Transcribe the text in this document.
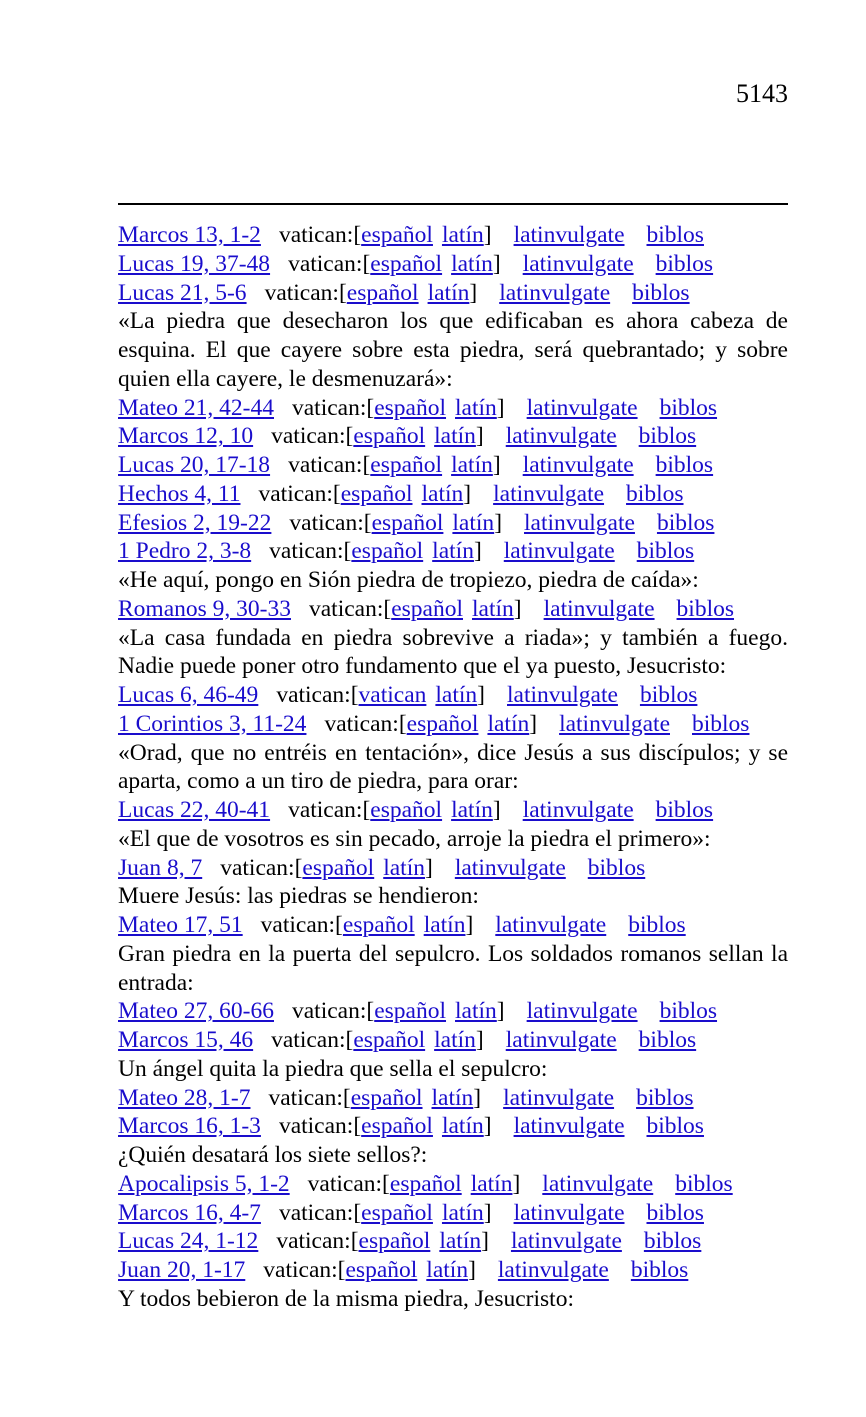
5143
Marcos 13, 1-2 vatican:[español latín] latinvulgate biblos
Lucas 19, 37-48 vatican:[español latín] latinvulgate biblos
Lucas 21, 5-6 vatican:[español latín] latinvulgate biblos
«La piedra que desecharon los que edificaban es ahora cabeza de esquina. El que cayere sobre esta piedra, será quebrantado; y sobre quien ella cayere, le desmenuzará»:
Mateo 21, 42-44 vatican:[español latín] latinvulgate biblos
Marcos 12, 10 vatican:[español latín] latinvulgate biblos
Lucas 20, 17-18 vatican:[español latín] latinvulgate biblos
Hechos 4, 11 vatican:[español latín] latinvulgate biblos
Efesios 2, 19-22 vatican:[español latín] latinvulgate biblos
1 Pedro 2, 3-8 vatican:[español latín] latinvulgate biblos
«He aquí, pongo en Sión piedra de tropiezo, piedra de caída»:
Romanos 9, 30-33 vatican:[español latín] latinvulgate biblos
«La casa fundada en piedra sobrevive a riada»; y también a fuego. Nadie puede poner otro fundamento que el ya puesto, Jesucristo:
Lucas 6, 46-49 vatican:[vatican latín] latinvulgate biblos
1 Corintios 3, 11-24 vatican:[español latín] latinvulgate biblos
«Orad, que no entréis en tentación», dice Jesús a sus discípulos; y se aparta, como a un tiro de piedra, para orar:
Lucas 22, 40-41 vatican:[español latín] latinvulgate biblos
«El que de vosotros es sin pecado, arroje la piedra el primero»:
Juan 8, 7 vatican:[español latín] latinvulgate biblos
Muere Jesús: las piedras se hendieron:
Mateo 17, 51 vatican:[español latín] latinvulgate biblos
Gran piedra en la puerta del sepulcro. Los soldados romanos sellan la entrada:
Mateo 27, 60-66 vatican:[español latín] latinvulgate biblos
Marcos 15, 46 vatican:[español latín] latinvulgate biblos
Un ángel quita la piedra que sella el sepulcro:
Mateo 28, 1-7 vatican:[español latín] latinvulgate biblos
Marcos 16, 1-3 vatican:[español latín] latinvulgate biblos
¿Quién desatará los siete sellos?:
Apocalipsis 5, 1-2 vatican:[español latín] latinvulgate biblos
Marcos 16, 4-7 vatican:[español latín] latinvulgate biblos
Lucas 24, 1-12 vatican:[español latín] latinvulgate biblos
Juan 20, 1-17 vatican:[español latín] latinvulgate biblos
Y todos bebieron de la misma piedra, Jesucristo:
